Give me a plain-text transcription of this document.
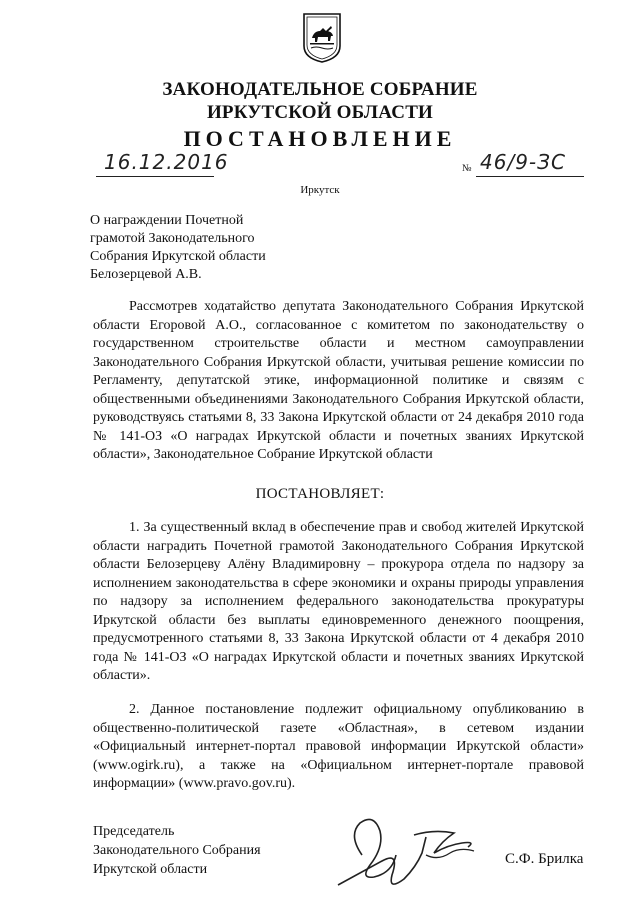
ЗАКОНОДАТЕЛЬНОЕ СОБРАНИЕ
ИРКУТСКОЙ ОБЛАСТИ
ПОСТАНОВЛЕНИЕ
16.12.2016	№ 46/9-ЗС
Иркутск
О награждении Почетной
грамотой Законодательного
Собрания Иркутской области
Белозерцевой А.В.

Рассмотрев ходатайство депутата Законодательного Собрания Иркутской области Егоровой А.О., согласованное с комитетом по законодательству о государственном строительстве области и местном самоуправлении Законодательного Собрания Иркутской области, учитывая решение комиссии по Регламенту, депутатской этике, информационной политике и связям с общественными объединениями Законодательного Собрания Иркутской области, руководствуясь статьями 8, 33 Закона Иркутской области от 24 декабря 2010 года № 141-ОЗ «О наградах Иркутской области и почетных званиях Иркутской области», Законодательное Собрание Иркутской области

ПОСТАНОВЛЯЕТ:

1. За существенный вклад в обеспечение прав и свобод жителей Иркутской области наградить Почетной грамотой Законодательного Собрания Иркутской области Белозерцеву Алёну Владимировну – прокурора отдела по надзору за исполнением законодательства в сфере экономики и охраны природы управления по надзору за исполнением федерального законодательства прокуратуры Иркутской области без выплаты единовременного денежного поощрения, предусмотренного статьями 8, 33 Закона Иркутской области от 4 декабря 2010 года № 141-ОЗ «О наградах Иркутской области и почетных званиях Иркутской области».

2. Данное постановление подлежит официальному опубликованию в общественно-политической газете «Областная», в сетевом издании «Официальный интернет-портал правовой информации Иркутской области» (www.ogirk.ru), а также на «Официальном интернет-портале правовой информации» (www.pravo.gov.ru).

Председатель
Законодательного Собрания
Иркутской области
С.Ф. Брилка
